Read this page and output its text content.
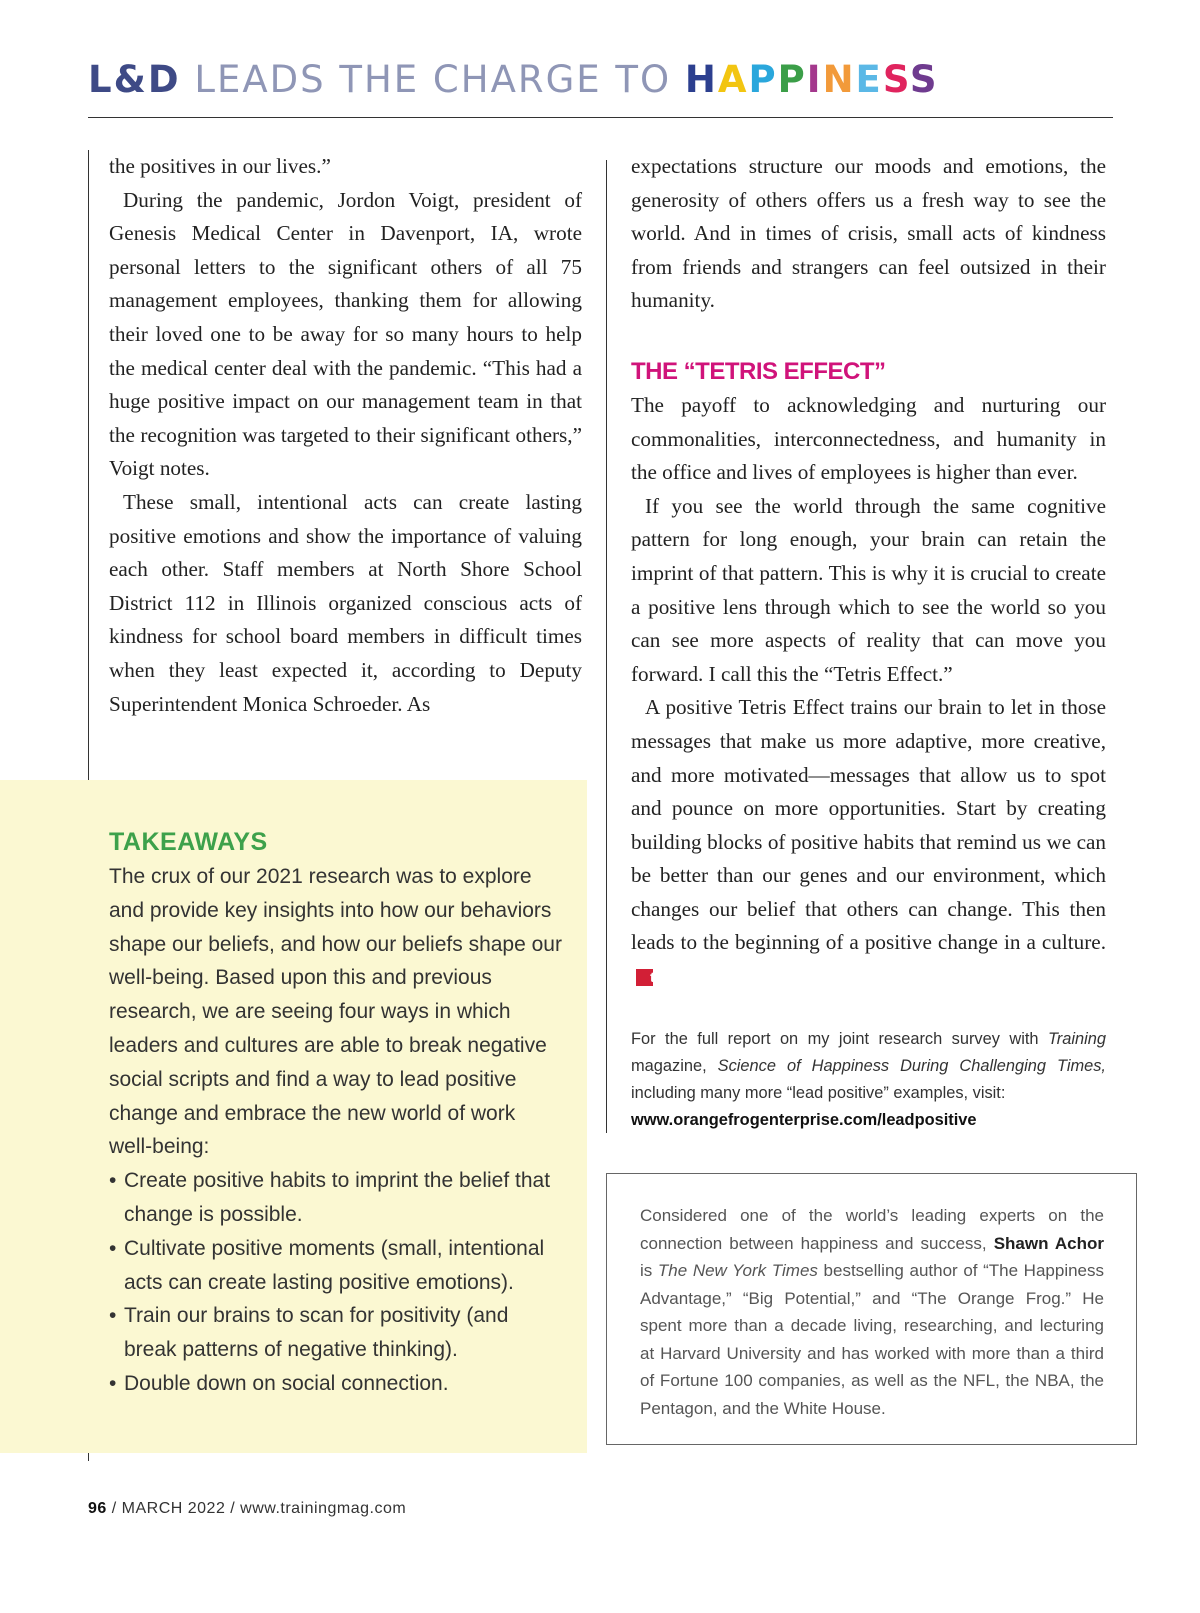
L&D LEADS THE CHARGE TO HAPPINESS

the positives in our lives.”

During the pandemic, Jordon Voigt, president of Genesis Medical Center in Davenport, IA, wrote personal letters to the significant others of all 75 management employees, thanking them for allowing their loved one to be away for so many hours to help the medical center deal with the pandemic. “This had a huge positive impact on our management team in that the recognition was targeted to their significant others,” Voigt notes.

These small, intentional acts can create lasting positive emotions and show the importance of valuing each other. Staff members at North Shore School District 112 in Illinois organized conscious acts of kindness for school board members in difficult times when they least expected it, according to Deputy Superintendent Monica Schroeder. As

expectations structure our moods and emotions, the generosity of others offers us a fresh way to see the world. And in times of crisis, small acts of kindness from friends and strangers can feel outsized in their humanity.

THE “TETRIS EFFECT”

The payoff to acknowledging and nurturing our commonalities, interconnectedness, and humanity in the office and lives of employees is higher than ever.

If you see the world through the same cognitive pattern for long enough, your brain can retain the imprint of that pattern. This is why it is crucial to create a positive lens through which to see the world so you can see more aspects of reality that can move you forward. I call this the “Tetris Effect.”

A positive Tetris Effect trains our brain to let in those messages that make us more adaptive, more creative, and more motivated—messages that allow us to spot and pounce on more opportunities. Start by creating building blocks of positive habits that remind us we can be better than our genes and our environment, which changes our belief that others can change. This then leads to the beginning of a positive change in a culture.t

For the full report on my joint research survey with Training magazine, Science of Happiness During Challenging Times, including many more “lead positive” examples, visit:
www.orangefrogenterprise.com/leadpositive
TAKEAWAYS
The crux of our 2021 research was to explore and provide key insights into how our behaviors shape our beliefs, and how our beliefs shape our well-being. Based upon this and previous research, we are seeing four ways in which leaders and cultures are able to break negative social scripts and find a way to lead positive change and embrace the new world of work well-being:
• Create positive habits to imprint the belief that change is possible.
• Cultivate positive moments (small, intentional acts can create lasting positive emotions).
• Train our brains to scan for positivity (and break patterns of negative thinking).
• Double down on social connection.
Considered one of the world’s leading experts on the connection between happiness and success, Shawn Achor is The New York Times bestselling author of “The Happiness Advantage,” “Big Potential,” and “The Orange Frog.” He spent more than a decade living, researching, and lecturing at Harvard University and has worked with more than a third of Fortune 100 companies, as well as the NFL, the NBA, the Pentagon, and the White House.
96 / MARCH 2022 / www.trainingmag.com
